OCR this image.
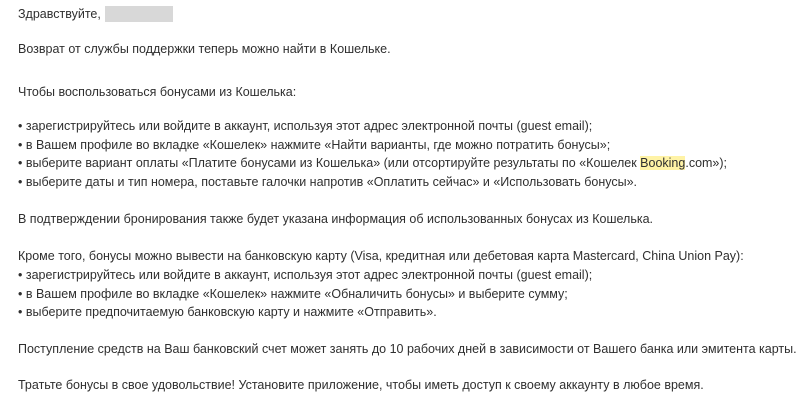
Здравствуйте,
Возврат от службы поддержки теперь можно найти в Кошельке.
Чтобы воспользоваться бонусами из Кошелька:
• зарегистрируйтесь или войдите в аккаунт, используя этот адрес электронной почты (guest email);
• в Вашем профиле во вкладке «Кошелек» нажмите «Найти варианты, где можно потратить бонусы»;
• выберите вариант оплаты «Платите бонусами из Кошелька» (или отсортируйте результаты по «Кошелек Booking.com»);
• выберите даты и тип номера, поставьте галочки напротив «Оплатить сейчас» и «Использовать бонусы».
В подтверждении бронирования также будет указана информация об использованных бонусах из Кошелька.
Кроме того, бонусы можно вывести на банковскую карту (Visa, кредитная или дебетовая карта Mastercard, China Union Pay):
• зарегистрируйтесь или войдите в аккаунт, используя этот адрес электронной почты (guest email);
• в Вашем профиле во вкладке «Кошелек» нажмите «Обналичить бонусы» и выберите сумму;
• выберите предпочитаемую банковскую карту и нажмите «Отправить».
Поступление средств на Ваш банковский счет может занять до 10 рабочих дней в зависимости от Вашего банка или эмитента карты.
Тратьте бонусы в свое удовольствие! Установите приложение, чтобы иметь доступ к своему аккаунту в любое время.
